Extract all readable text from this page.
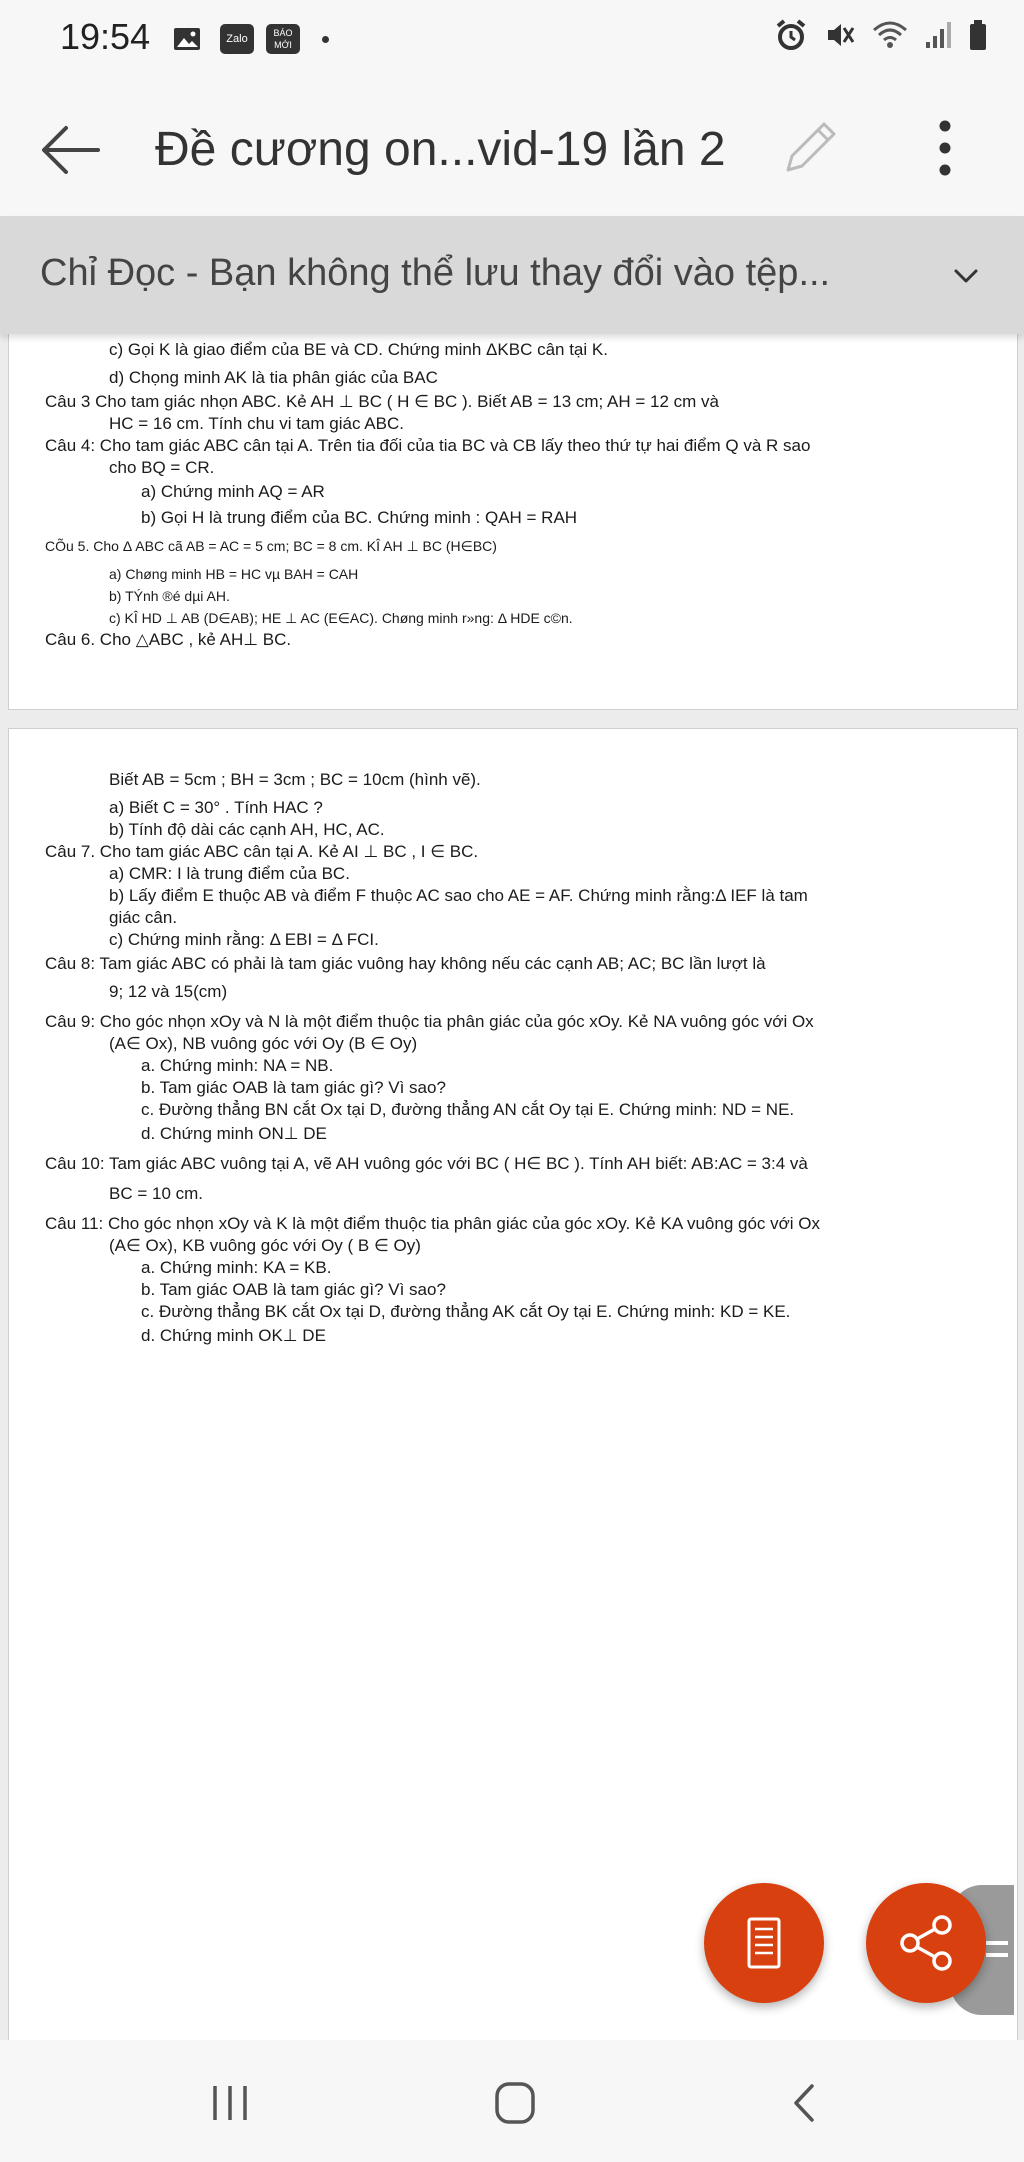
19:54	Zalo	BÁO MỚI
Đề cương on...vid-19 lần 2
Chỉ Đọc - Bạn không thể lưu thay đổi vào tệp...
c) Gọi K là giao điểm của BE và CD. Chứng minh ΔKBC cân tại K.
d) Chọng minh AK là tia phân giác của BAC
Câu 3 Cho tam giác nhọn ABC. Kẻ AH ⊥ BC ( H ∈ BC ). Biết AB = 13 cm; AH = 12 cm và
HC = 16 cm. Tính chu vi tam giác ABC.
Câu 4: Cho tam giác ABC cân tại A. Trên tia đối của tia BC và CB lấy theo thứ tự hai điểm Q và R sao
cho BQ = CR.
a) Chứng minh AQ = AR
b) Gọi H là trung điểm của BC. Chứng minh : QAH = RAH
CÕu 5. Cho Δ ABC cã AB = AC = 5 cm; BC = 8 cm. KÎ AH ⊥ BC (H∈BC)
a) Chøng minh HB = HC vµ BAH = CAH
b) TÝnh ®é dµi AH.
c) KÎ HD ⊥ AB (D∈AB); HE ⊥ AC (E∈AC). Chøng minh r»ng: Δ HDE c©n.
Câu 6. Cho △ABC , kẻ AH⊥ BC.
Biết AB = 5cm ; BH = 3cm ; BC = 10cm (hình vẽ).
a) Biết C = 30° . Tính HAC ?
b) Tính độ dài các cạnh AH, HC, AC.
Câu 7. Cho tam giác ABC cân tại A. Kẻ AI ⊥ BC , I ∈ BC.
a) CMR: I là trung điểm của BC.
b) Lấy điểm E thuộc AB và điểm F thuộc AC sao cho AE = AF. Chứng minh rằng:Δ IEF là tam
giác cân.
c) Chứng minh rằng: Δ EBI = Δ FCI.
Câu 8: Tam giác ABC có phải là tam giác vuông hay không nếu các cạnh AB; AC; BC lần lượt là
9; 12 và 15(cm)
Câu 9: Cho góc nhọn xOy và N là một điểm thuộc tia phân giác của góc xOy. Kẻ NA vuông góc với Ox
(A∈ Ox), NB vuông góc với Oy (B ∈ Oy)
a. Chứng minh: NA = NB.
b. Tam giác OAB là tam giác gì? Vì sao?
c. Đường thẳng BN cắt Ox tại D, đường thẳng AN cắt Oy tại E. Chứng minh: ND = NE.
d. Chứng minh ON⊥ DE
Câu 10: Tam giác ABC vuông tại A, vẽ AH vuông góc với BC ( H∈ BC ). Tính AH biết: AB:AC = 3:4 và
BC = 10 cm.
Câu 11: Cho góc nhọn xOy và K là một điểm thuộc tia phân giác của góc xOy. Kẻ KA vuông góc với Ox
(A∈ Ox), KB vuông góc với Oy ( B ∈ Oy)
a. Chứng minh: KA = KB.
b. Tam giác OAB là tam giác gì? Vì sao?
c. Đường thẳng BK cắt Ox tại D, đường thẳng AK cắt Oy tại E. Chứng minh: KD = KE.
d. Chứng minh OK⊥ DE
